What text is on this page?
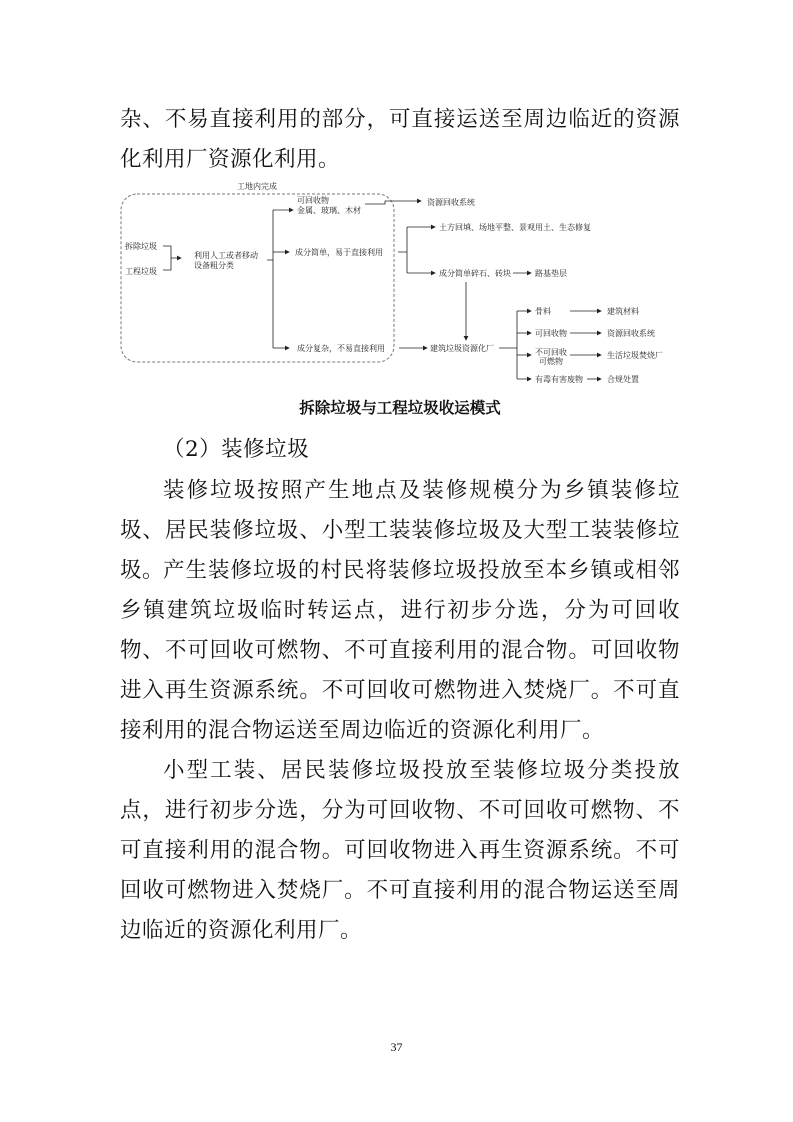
杂、不易直接利用的部分，可直接运送至周边临近的资源化利用厂资源化利用。

工地内完成
拆除垃圾
工程垃圾
利用人工或者移动
设备粗分类
可回收物
金属、玻璃、木材
资源回收系统
成分简单，易于直接利用
土方回填、场地平整、景观用土、生态修复
成分简单碎石、砖块	路基垫层
成分复杂，不易直接利用	建筑垃圾资源化厂
骨料
可回收物
不可回收
可燃物
有毒有害废物
建筑材料
资源回收系统
生活垃圾焚烧厂
合规处置

拆除垃圾与工程垃圾收运模式

（2）装修垃圾

装修垃圾按照产生地点及装修规模分为乡镇装修垃圾、居民装修垃圾、小型工装装修垃圾及大型工装装修垃圾。

产生装修垃圾的村民将装修垃圾投放至本乡镇或相邻乡镇建筑垃圾临时转运点，进行初步分选，分为可回收物、不可回收可燃物、不可直接利用的混合物。可回收物进入再生资源系统。不可回收可燃物进入焚烧厂。不可直接利用的混合物运送至周边临近的资源化利用厂。

小型工装、居民装修垃圾投放至装修垃圾分类投放点，进行初步分选，分为可回收物、不可回收可燃物、不可直接利用的混合物。可回收物进入再生资源系统。不可回收可燃物进入焚烧厂。不可直接利用的混合物运送至周边临近的资源化利用厂。

37
